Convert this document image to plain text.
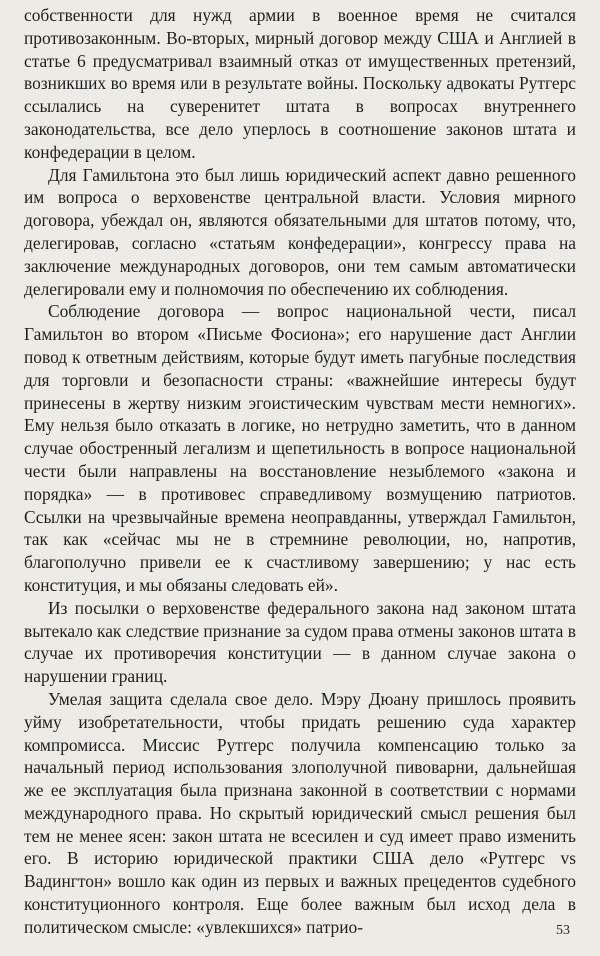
собственности для нужд армии в военное время не считался противозаконным. Во-вторых, мирный договор между США и Англией в статье 6 предусматривал взаимный отказ от имущественных претензий, возникших во время или в результате войны. Поскольку адвокаты Рутгерс ссылались на суверенитет штата в вопросах внутреннего законодательства, все дело уперлось в соотношение законов штата и конфедерации в целом.

Для Гамильтона это был лишь юридический аспект давно решенного им вопроса о верховенстве центральной власти. Условия мирного договора, убеждал он, являются обязательными для штатов потому, что, делегировав, согласно «статьям конфедерации», конгрессу права на заключение международных договоров, они тем самым автоматически делегировали ему и полномочия по обеспечению их соблюдения.

Соблюдение договора — вопрос национальной чести, писал Гамильтон во втором «Письме Фосиона»; его нарушение даст Англии повод к ответным действиям, которые будут иметь пагубные последствия для торговли и безопасности страны: «важнейшие интересы будут принесены в жертву низким эгоистическим чувствам мести немногих». Ему нельзя было отказать в логике, но нетрудно заметить, что в данном случае обостренный легализм и щепетильность в вопросе национальной чести были направлены на восстановление незыблемого «закона и порядка» — в противовес справедливому возмущению патриотов. Ссылки на чрезвычайные времена неоправданны, утверждал Гамильтон, так как «сейчас мы не в стремнине революции, но, напротив, благополучно привели ее к счастливому завершению; у нас есть конституция, и мы обязаны следовать ей».

Из посылки о верховенстве федерального закона над законом штата вытекало как следствие признание за судом права отмены законов штата в случае их противоречия конституции — в данном случае закона о нарушении границ.

Умелая защита сделала свое дело. Мэру Дюану пришлось проявить уйму изобретательности, чтобы придать решению суда характер компромисса. Миссис Рутгерс получила компенсацию только за начальный период использования злополучной пивоварни, дальнейшая же ее эксплуатация была признана законной в соответствии с нормами международного права. Но скрытый юридический смысл решения был тем не менее ясен: закон штата не всесилен и суд имеет право изменить его. В историю юридической практики США дело «Рутгерс vs Вадингтон» вошло как один из первых и важных прецедентов судебного конституционного контроля. Еще более важным был исход дела в политическом смысле: «увлекшихся» патрио-	53
